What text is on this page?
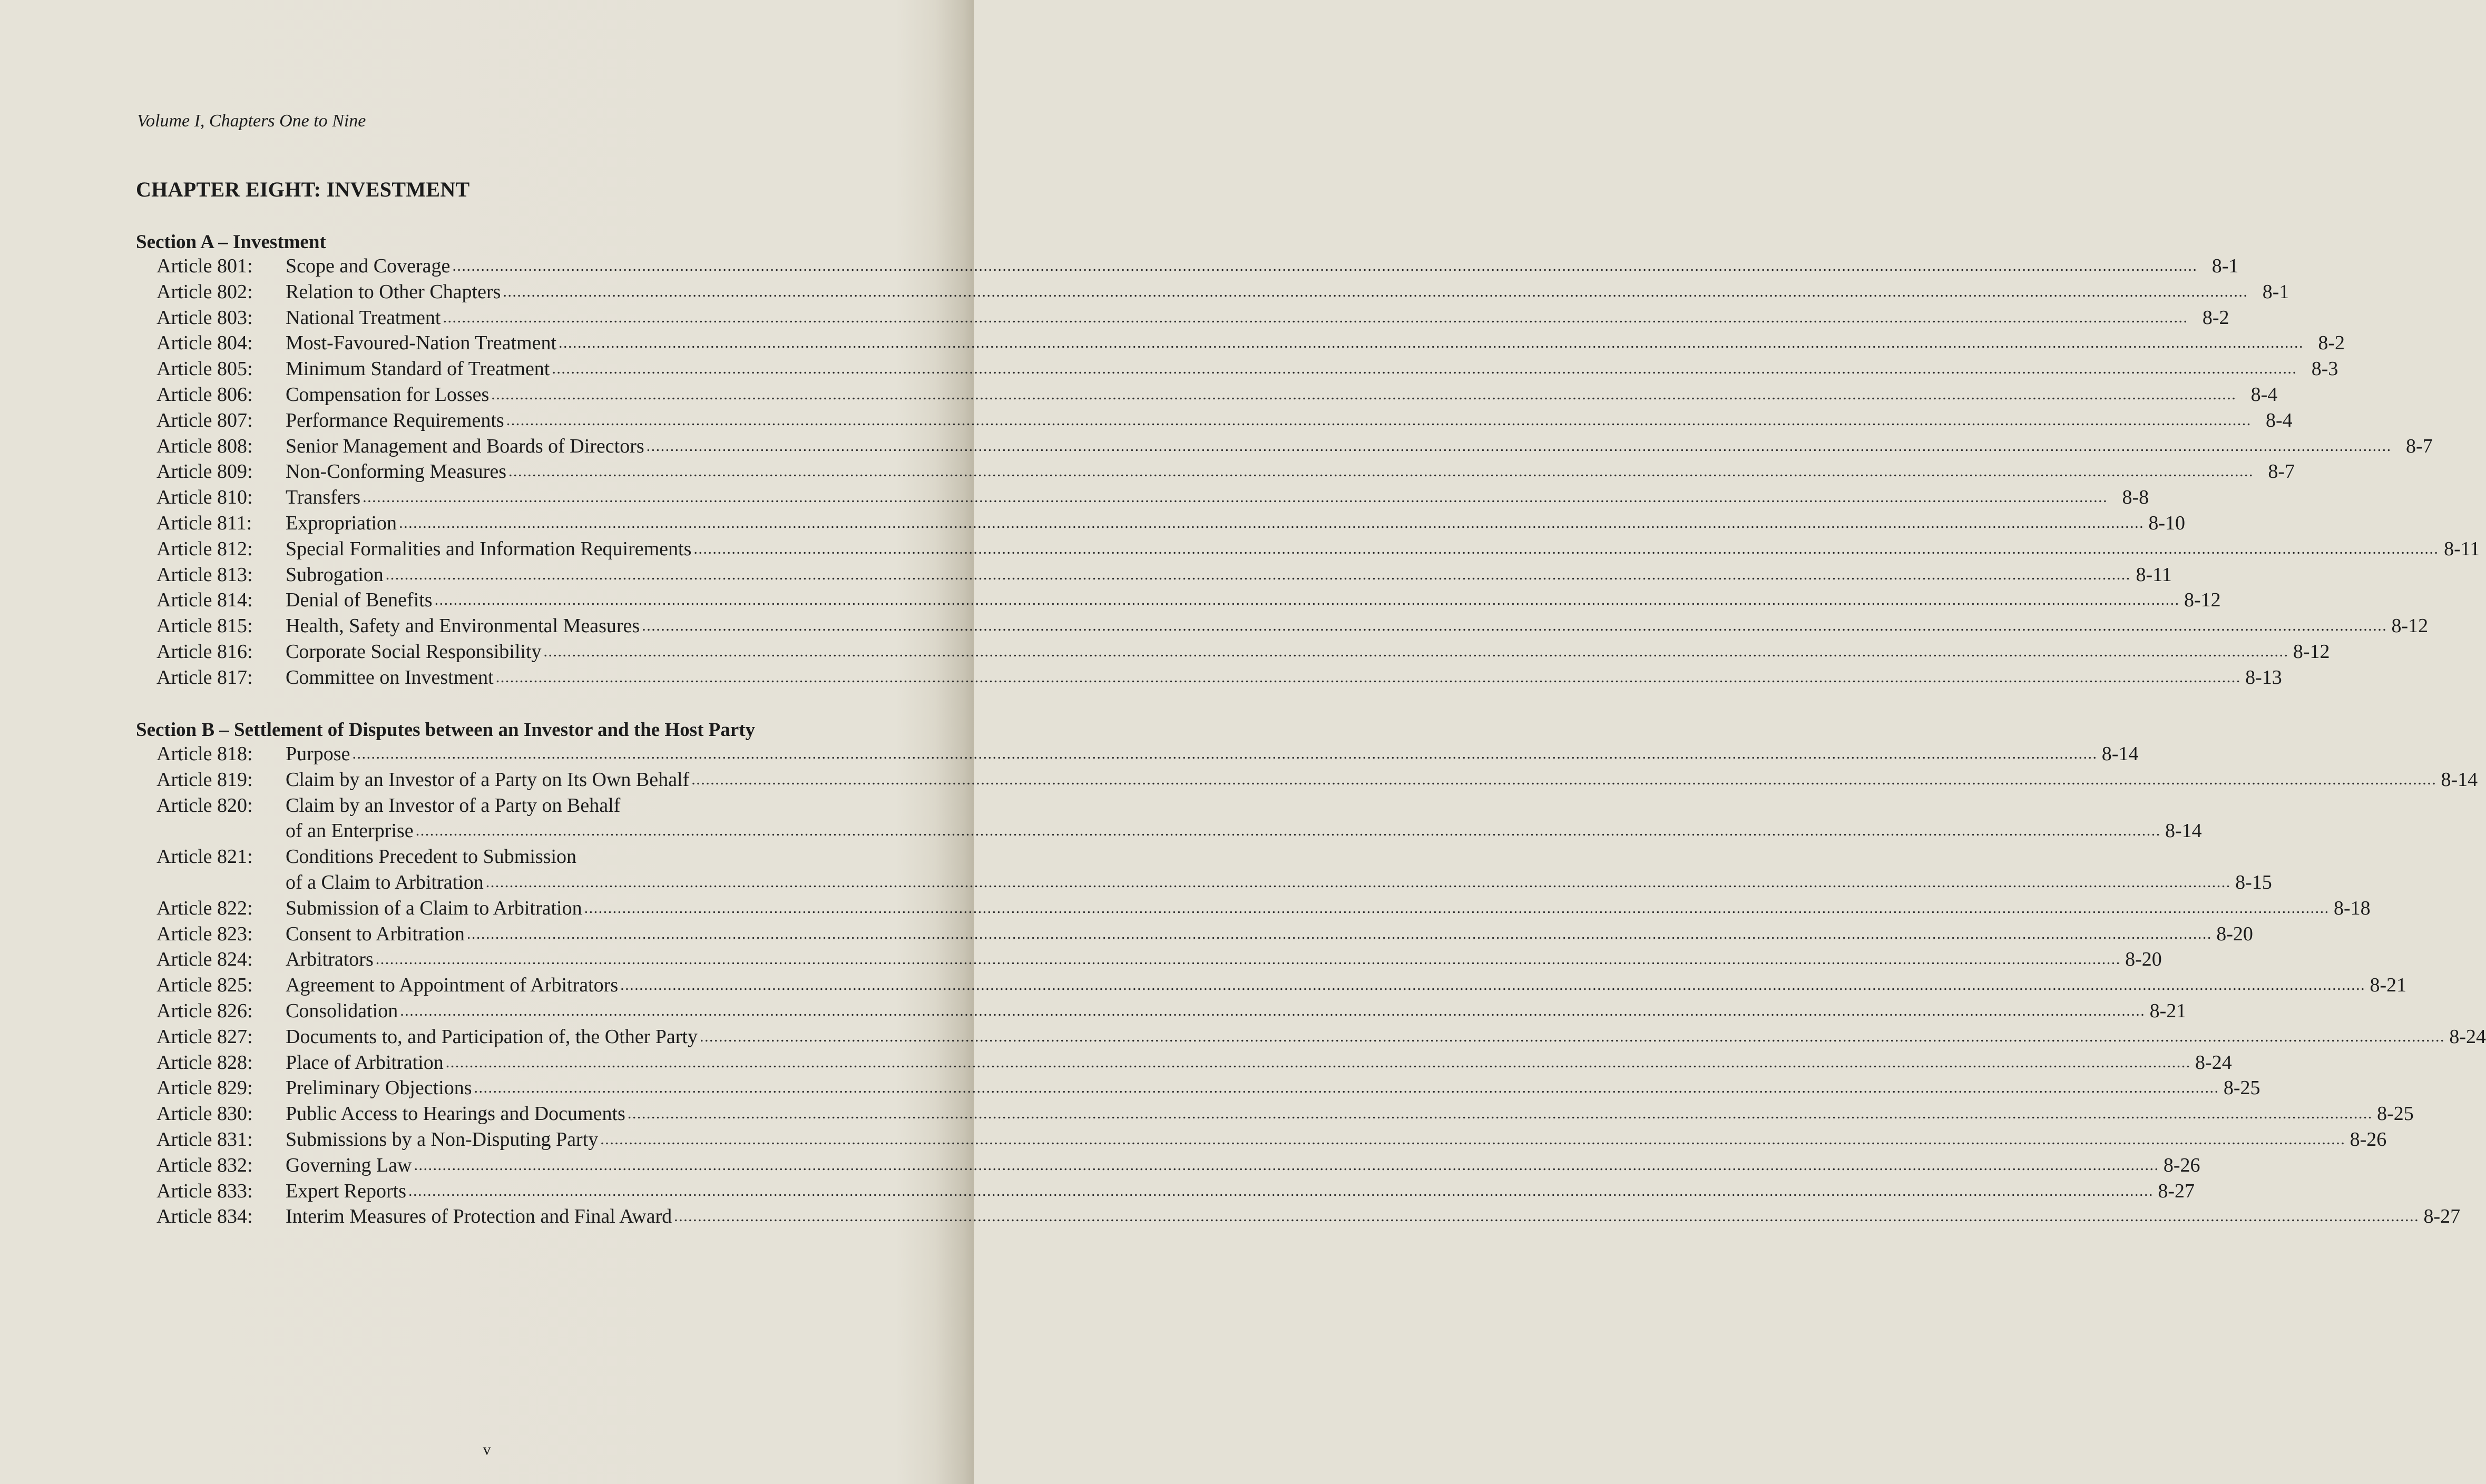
Volume I, Chapters One to Nine
CHAPTER EIGHT: INVESTMENT
Section A – Investment
Article 801:	Scope and Coverage .....	8-1
Article 802:	Relation to Other Chapters .....	8-1
Article 803:	National Treatment .....	8-2
Article 804:	Most-Favoured-Nation Treatment .....	8-2
Article 805:	Minimum Standard of Treatment .....	8-3
Article 806:	Compensation for Losses .....	8-4
Article 807:	Performance Requirements .....	8-4
Article 808:	Senior Management and Boards of Directors .....	8-7
Article 809:	Non-Conforming Measures .....	8-7
Article 810:	Transfers .....	8-8
Article 811:	Expropriation .....	8-10
Article 812:	Special Formalities and Information Requirements .....	8-11
Article 813:	Subrogation .....	8-11
Article 814:	Denial of Benefits .....	8-12
Article 815:	Health, Safety and Environmental Measures .....	8-12
Article 816:	Corporate Social Responsibility .....	8-12
Article 817:	Committee on Investment .....	8-13
Section B – Settlement of Disputes between an Investor and the Host Party
Article 818:	Purpose .....	8-14
Article 819:	Claim by an Investor of a Party on Its Own Behalf .....	8-14
Article 820:	Claim by an Investor of a Party on Behalf
of an Enterprise .....	8-14
Article 821:	Conditions Precedent to Submission
of a Claim to Arbitration .....	8-15
Article 822:	Submission of a Claim to Arbitration .....	8-18
Article 823:	Consent to Arbitration .....	8-20
Article 824:	Arbitrators .....	8-20
Article 825:	Agreement to Appointment of Arbitrators .....	8-21
Article 826:	Consolidation .....	8-21
Article 827:	Documents to, and Participation of, the Other Party .....	8-24
Article 828:	Place of Arbitration .....	8-24
Article 829:	Preliminary Objections .....	8-25
Article 830:	Public Access to Hearings and Documents .....	8-25
Article 831:	Submissions by a Non-Disputing Party .....	8-26
Article 832:	Governing Law .....	8-26
Article 833:	Expert Reports .....	8-27
Article 834:	Interim Measures of Protection and Final Award .....	8-27
v
